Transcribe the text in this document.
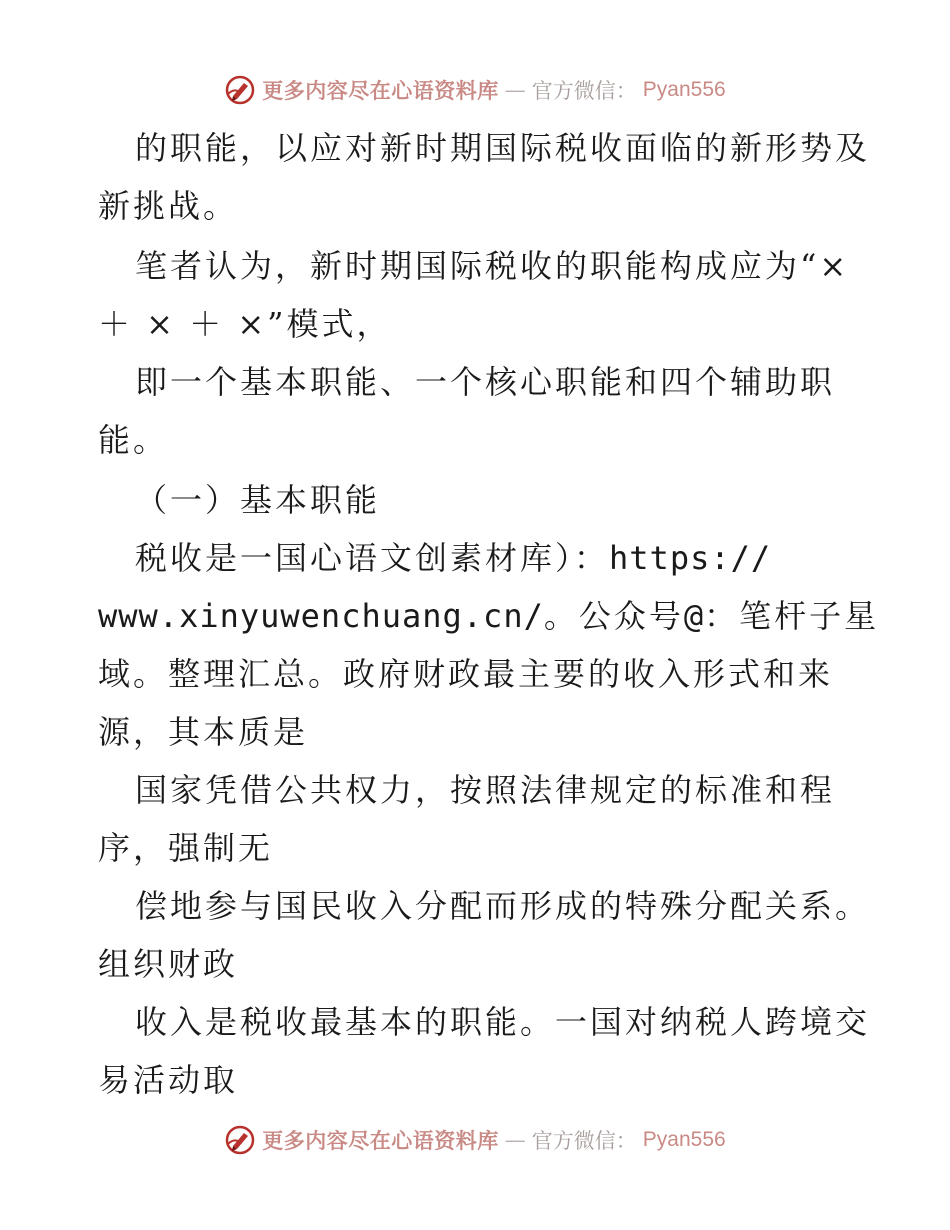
更多内容尽在心语资料库 — 官方微信： Pyan556
的职能，以应对新时期国际税收面临的新形势及
新挑战。
笔者认为，新时期国际税收的职能构成应为“×
＋ × ＋ ×”模式，
即一个基本职能、一个核心职能和四个辅助职
能。
（一）基本职能
税收是一国心语文创素材库）：https://
www.xinyuwenchuang.cn/。公众号@：笔杆子星
域。整理汇总。政府财政最主要的收入形式和来
源，其本质是
国家凭借公共权力，按照法律规定的标准和程
序，强制无
偿地参与国民收入分配而形成的特殊分配关系。
组织财政
收入是税收最基本的职能。一国对纳税人跨境交
易活动取
更多内容尽在心语资料库 — 官方微信： Pyan556
